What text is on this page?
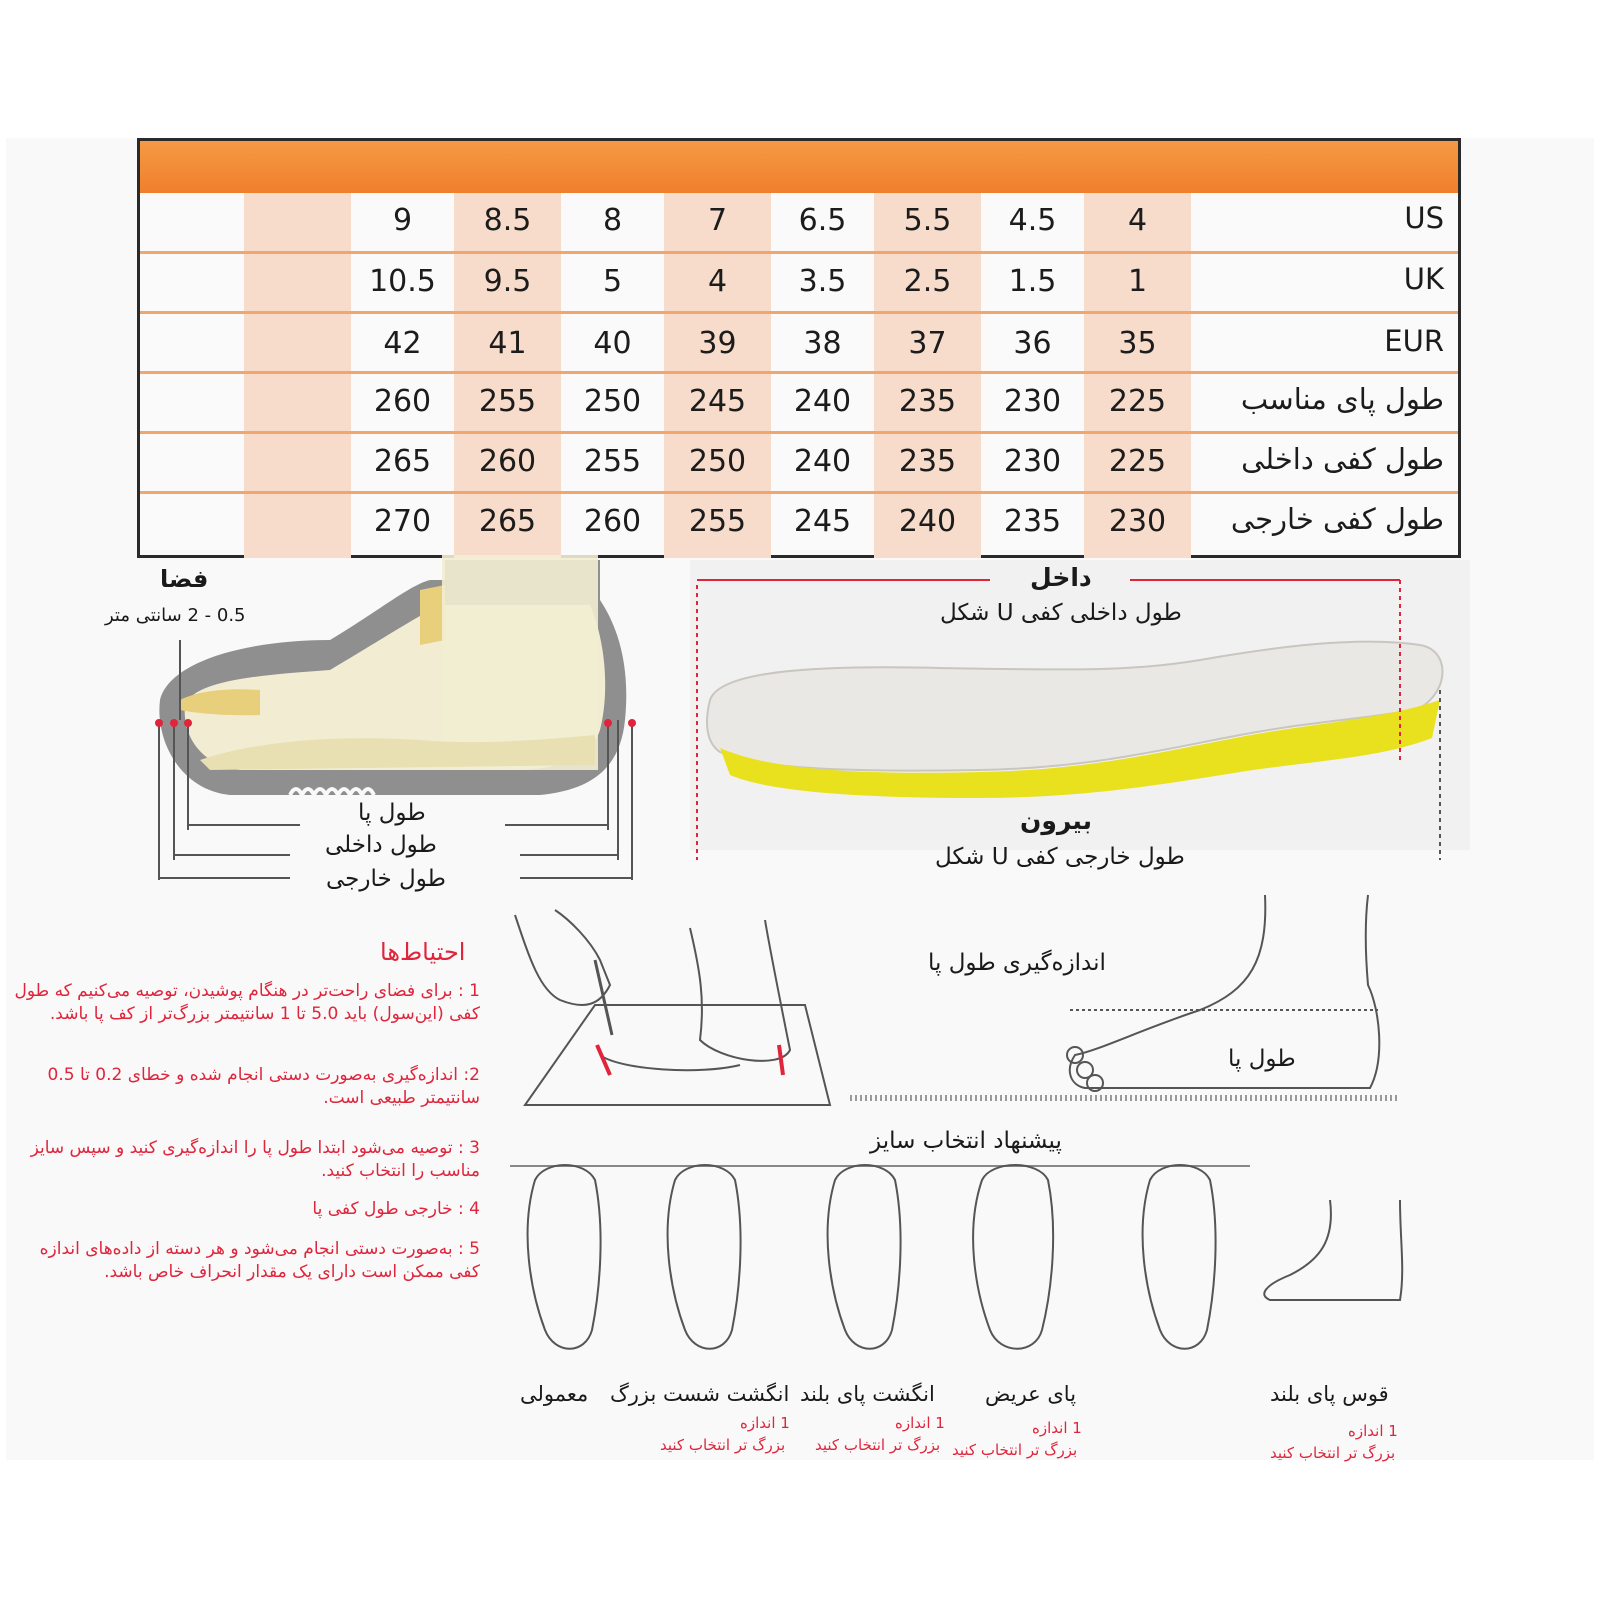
US
4
4.5
5.5
6.5
7
8
8.5
9
UK
1
1.5
2.5
3.5
4
5
9.5
10.5
EUR
35
36
37
38
39
40
41
42
طول پای مناسب
225
230
235
240
245
250
255
260
طول کفی داخلی
225
230
235
240
250
255
260
265
طول کفی خارجی
230
235
240
245
255
260
265
270
فضا
0.5 - 2 سانتی متر
طول پا
طول داخلی
طول خارجی
داخل
طول داخلی کفی U شکل
بیرون
طول خارجی کفی U شکل
احتیاط‌ها
1 : برای فضای راحت‌تر در هنگام پوشیدن، توصیه می‌کنیم که طول کفی (این‌سول) باید 5.0 تا 1 سانتیمتر بزرگ‌تر از کف پا باشد.
2: اندازه‌گیری به‌صورت دستی انجام شده و خطای 0.2 تا 0.5 سانتیمتر طبیعی است.
3 : توصیه می‌شود ابتدا طول پا را اندازه‌گیری کنید و سپس سایز مناسب را انتخاب کنید.
4 : خارجی طول کفی پا
5 : به‌صورت دستی انجام می‌شود و هر دسته از داده‌های اندازه کفی ممکن است دارای یک مقدار انحراف خاص باشد.
اندازه‌گیری طول پا
طول پا
پیشنهاد انتخاب سایز
معمولی انگشت شست بزرگ
1 اندازه
بزرگ تر انتخاب کنید
انگشت پای بلند
1 اندازه
بزرگ تر انتخاب کنید
پای عریض
1 اندازه
بزرگ تر انتخاب کنید
قوس پای بلند
1 اندازه
بزرگ تر انتخاب کنید
